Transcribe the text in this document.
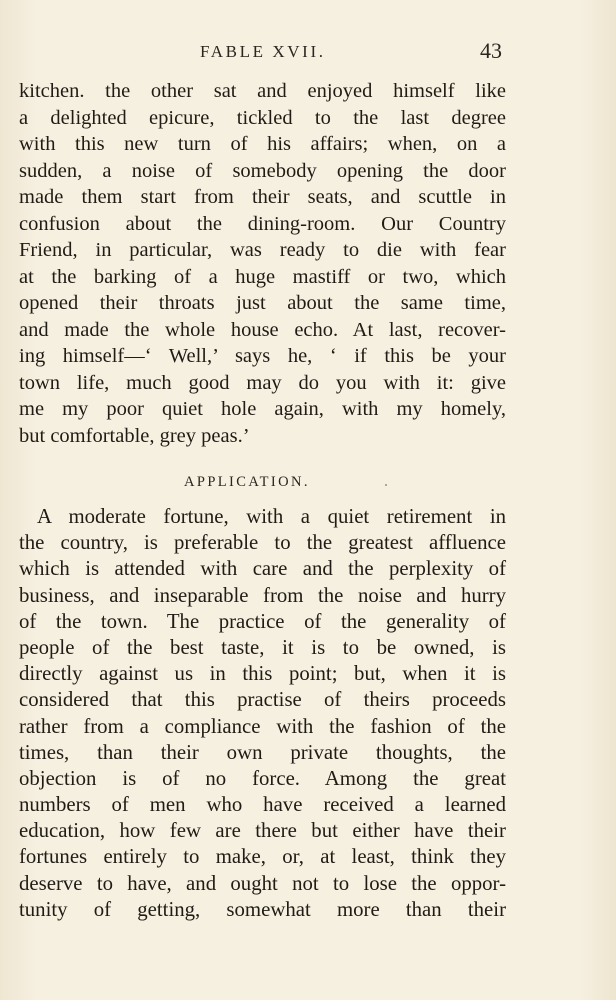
FABLE XVII.	43
kitchen. the other sat and enjoyed himself like
a delighted epicure, tickled to the last degree
with this new turn of his affairs; when, on a
sudden, a noise of somebody opening the door
made them start from their seats, and scuttle in
confusion about the dining-room. Our Country
Friend, in particular, was ready to die with fear
at the barking of a huge mastiff or two, which
opened their throats just about the same time,
and made the whole house echo. At last, recover-
ing himself—‘ Well,’ says he, ‘ if this be your
town life, much good may do you with it: give
me my poor quiet hole again, with my homely,
but comfortable, grey peas.’
APPLICATION.
A moderate fortune, with a quiet retirement in
the country, is preferable to the greatest affluence
which is attended with care and the perplexity of
business, and inseparable from the noise and hurry
of the town. The practice of the generality of
people of the best taste, it is to be owned, is
directly against us in this point; but, when it is
considered that this practise of theirs proceeds
rather from a compliance with the fashion of the
times, than their own private thoughts, the
objection is of no force. Among the great
numbers of men who have received a learned
education, how few are there but either have their
fortunes entirely to make, or, at least, think they
deserve to have, and ought not to lose the oppor-
tunity of getting, somewhat more than their
